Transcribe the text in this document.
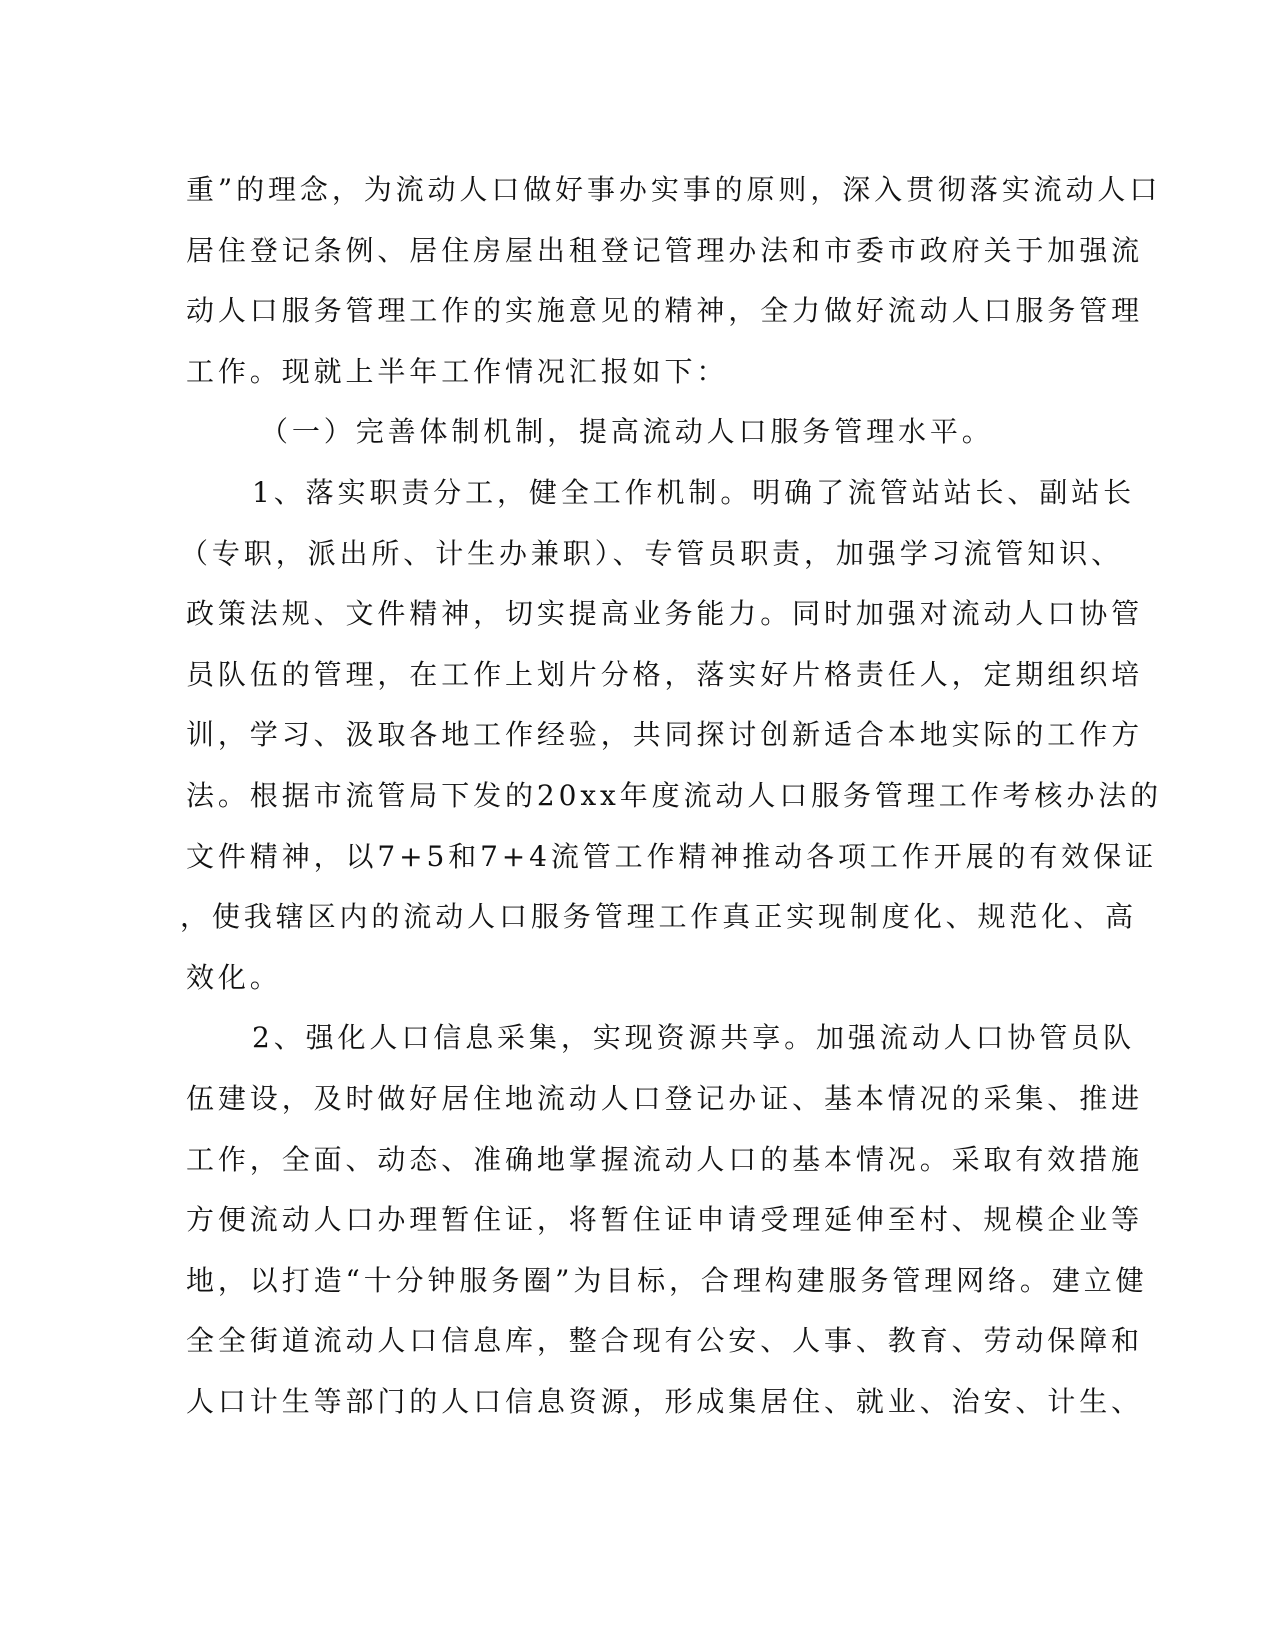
重”的理念，为流动人口做好事办实事的原则，深入贯彻落实流动人口
居住登记条例、居住房屋出租登记管理办法和市委市政府关于加强流
动人口服务管理工作的实施意见的精神，全力做好流动人口服务管理
工作。现就上半年工作情况汇报如下：
（一）完善体制机制，提高流动人口服务管理水平。
1、落实职责分工，健全工作机制。明确了流管站站长、副站长
（专职，派出所、计生办兼职）、专管员职责，加强学习流管知识、
政策法规、文件精神，切实提高业务能力。同时加强对流动人口协管
员队伍的管理，在工作上划片分格，落实好片格责任人，定期组织培
训，学习、汲取各地工作经验，共同探讨创新适合本地实际的工作方
法。根据市流管局下发的20xx年度流动人口服务管理工作考核办法的
文件精神，以7+5和7+4流管工作精神推动各项工作开展的有效保证
，使我辖区内的流动人口服务管理工作真正实现制度化、规范化、高
效化。
2、强化人口信息采集，实现资源共享。加强流动人口协管员队
伍建设，及时做好居住地流动人口登记办证、基本情况的采集、推进
工作，全面、动态、准确地掌握流动人口的基本情况。采取有效措施
方便流动人口办理暂住证，将暂住证申请受理延伸至村、规模企业等
地，以打造“十分钟服务圈”为目标，合理构建服务管理网络。建立健
全全街道流动人口信息库，整合现有公安、人事、教育、劳动保障和
人口计生等部门的人口信息资源，形成集居住、就业、治安、计生、
